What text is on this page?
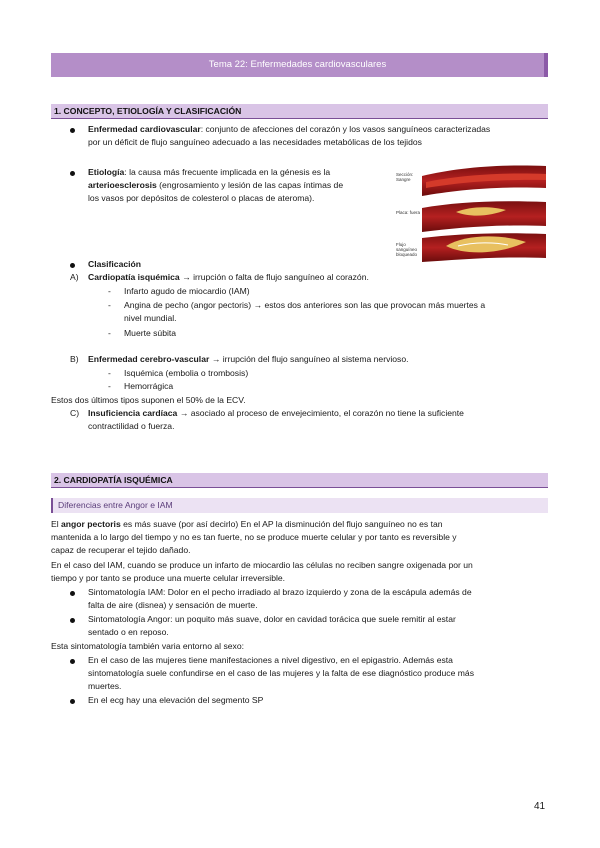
Tema 22: Enfermedades cardiovasculares
1. CONCEPTO, ETIOLOGÍA Y CLASIFICACIÓN
Enfermedad cardiovascular: conjunto de afecciones del corazón y los vasos sanguíneos caracterizadas
por un déficit de flujo sanguíneo adecuado a las necesidades metabólicas de los tejidos
Etiología: la causa más frecuente implicada en la génesis es la
arterioesclerosis (engrosamiento y lesión de las capas íntimas de
los vasos por depósitos de colesterol o placas de ateroma).
Sección: Sangre
Placa: fuera
Flujo sanguíneo bloqueado
Clasificación
A) Cardiopatía isquémica → irrupción o falta de flujo sanguíneo al corazón.
- Infarto agudo de miocardio (IAM)
- Angina de pecho (angor pectoris) → estos dos anteriores son las que provocan más muertes a
nivel mundial.
- Muerte súbita
B) Enfermedad cerebro-vascular → irrupción del flujo sanguíneo al sistema nervioso.
- Isquémica (embolia o trombosis)
- Hemorrágica
Estos dos últimos tipos suponen el 50% de la ECV.
C) Insuficiencia cardíaca → asociado al proceso de envejecimiento, el corazón no tiene la suficiente
contractilidad o fuerza.
2. CARDIOPATÍA ISQUÉMICA
Diferencias entre Angor e IAM
El angor pectoris es más suave (por así decirlo) En el AP la disminución del flujo sanguíneo no es tan
mantenida a lo largo del tiempo y no es tan fuerte, no se produce muerte celular y por tanto es reversible y
capaz de recuperar el tejido dañado.
En el caso del IAM, cuando se produce un infarto de miocardio las células no reciben sangre oxigenada por un
tiempo y por tanto se produce una muerte celular irreversible.
Sintomatología IAM: Dolor en el pecho irradiado al brazo izquierdo y zona de la escápula además de
falta de aire (disnea) y sensación de muerte.
Sintomatología Angor: un poquito más suave, dolor en cavidad torácica que suele remitir al estar
sentado o en reposo.
Esta sintomatología también varia entorno al sexo:
En el caso de las mujeres tiene manifestaciones a nivel digestivo, en el epigastrio. Además esta
sintomatología suele confundirse en el caso de las mujeres y la falta de ese diagnóstico produce más
muertes.
En el ecg hay una elevación del segmento SP
41
